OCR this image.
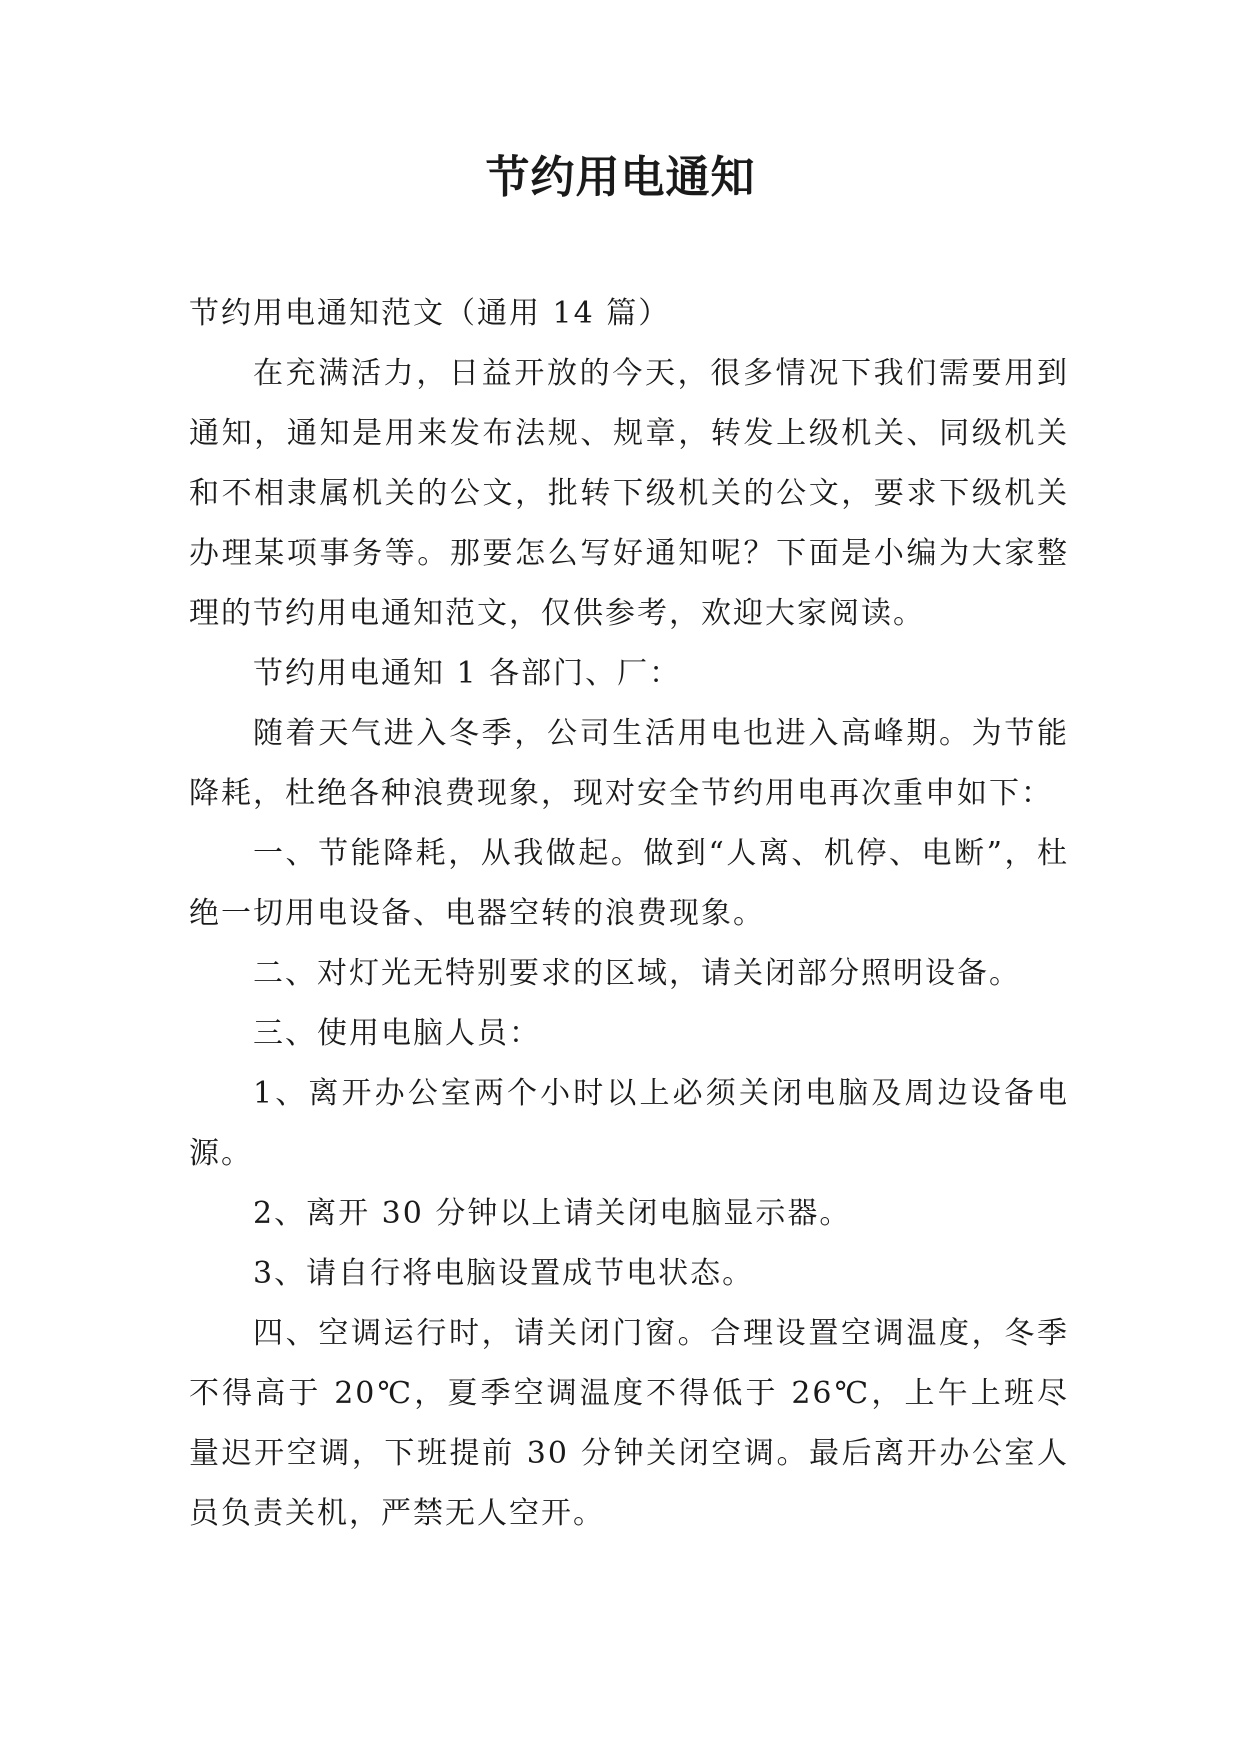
节约用电通知

节约用电通知范文（通用 14 篇）

在充满活力，日益开放的今天，很多情况下我们需要用到通知，通知是用来发布法规、规章，转发上级机关、同级机关和不相隶属机关的公文，批转下级机关的公文，要求下级机关办理某项事务等。那要怎么写好通知呢？下面是小编为大家整理的节约用电通知范文，仅供参考，欢迎大家阅读。

节约用电通知 1 各部门、厂：

随着天气进入冬季，公司生活用电也进入高峰期。为节能降耗，杜绝各种浪费现象，现对安全节约用电再次重申如下：

一、节能降耗，从我做起。做到“人离、机停、电断”，杜绝一切用电设备、电器空转的浪费现象。

二、对灯光无特别要求的区域，请关闭部分照明设备。

三、使用电脑人员：

1、离开办公室两个小时以上必须关闭电脑及周边设备电源。

2、离开 30 分钟以上请关闭电脑显示器。

3、请自行将电脑设置成节电状态。

四、空调运行时，请关闭门窗。合理设置空调温度，冬季不得高于 20℃，夏季空调温度不得低于 26℃，上午上班尽量迟开空调，下班提前 30 分钟关闭空调。最后离开办公室人员负责关机，严禁无人空开。
